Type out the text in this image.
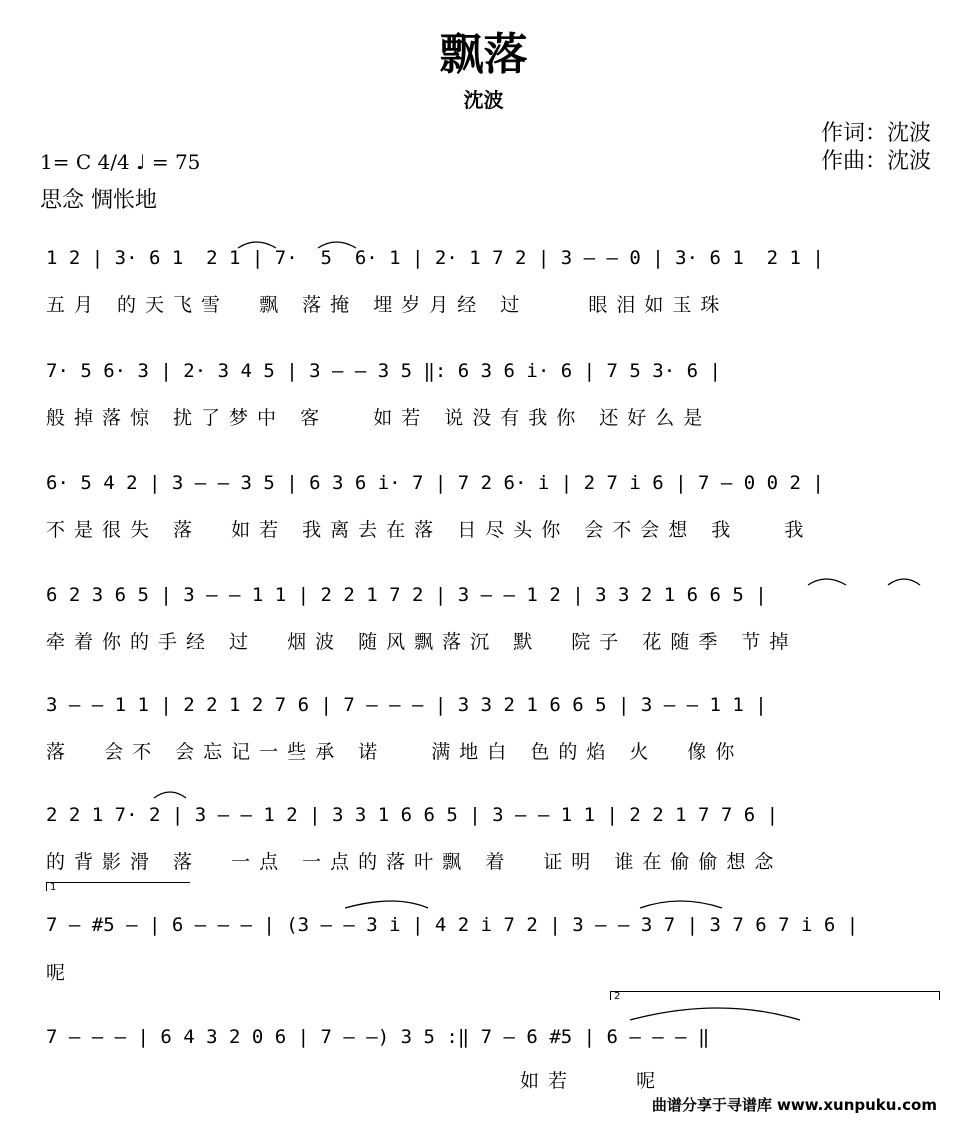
飘落
沈波
作词：沈波
作曲：沈波
1= C 4/4 ♩ = 75
思念 惆怅地
1 2 | 3· 6 1  2 1 | 7·  5  6· 1 | 2· 1 7 2 | 3 – – 0 | 3· 6 1  2 1 |
五月 的天飞雪  飘 落掩 埋岁月经 过    眼泪如玉珠
7· 5 6· 3 | 2· 3 4 5 | 3 – – 3 5 ‖: 6 3 6 i· 6 | 7 5 3· 6 |
般掉落惊 扰了梦中 客   如若 说没有我你 还好么是
6· 5 4 2 | 3 – – 3 5 | 6 3 6 i· 7 | 7 2 6· i | 2 7 i 6 | 7 – 0 0 2 |
不是很失 落  如若 我离去在落 日尽头你 会不会想 我   我
6 2 3 6 5 | 3 – – 1 1 | 2 2 1 7 2 | 3 – – 1 2 | 3 3 2 1 6 6 5 |
牵着你的手经 过  烟波 随风飘落沉 默  院子 花随季 节掉
3 – – 1 1 | 2 2 1 2 7 6 | 7 – – – | 3 3 2 1 6 6 5 | 3 – – 1 1 |
落  会不 会忘记一些承 诺   满地白 色的焰 火  像你
2 2 1 7· 2 | 3 – – 1 2 | 3 3 1 6 6 5 | 3 – – 1 1 | 2 2 1 7 7 6 |
的背影滑 落  一点 一点的落叶飘 着  证明 谁在偷偷想念
1
7 – #5 – | 6 – – – | (3 – – 3 i | 4 2 i 7 2 | 3 – – 3 7 | 3 7 6 7 i 6 |
呢
2
7 – – – | 6 4 3 2 0 6 | 7 – –) 3 5 :‖ 7 – 6 #5 | 6 – – – ‖
如若    呢
曲谱分享于寻谱库 www.xunpuku.com
